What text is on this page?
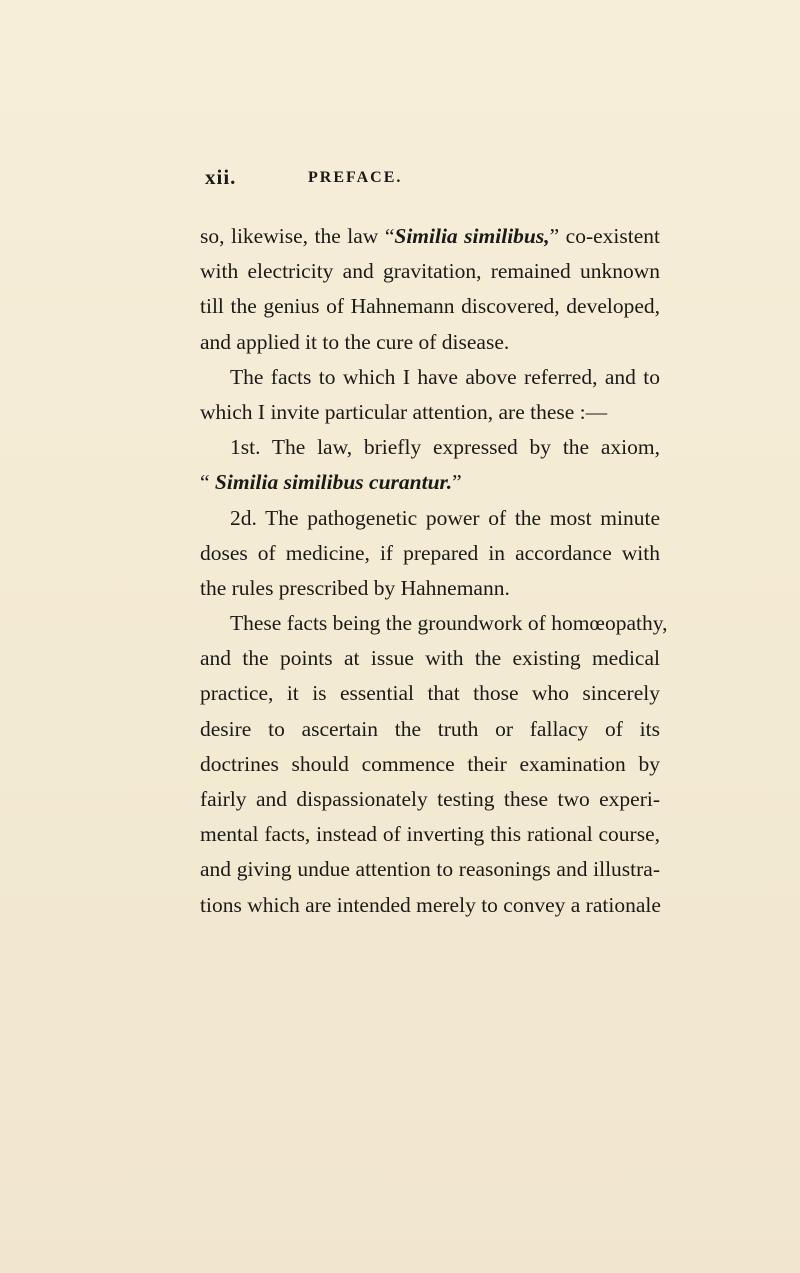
xii.	PREFACE.
so, likewise, the law “Similia similibus,” co-existent
with electricity and gravitation, remained unknown
till the genius of Hahnemann discovered, developed,
and applied it to the cure of disease.
The facts to which I have above referred, and to
which I invite particular attention, are these :—
1st. The law, briefly expressed by the axiom,
“ Similia similibus curantur.”
2d. The pathogenetic power of the most minute
doses of medicine, if prepared in accordance with
the rules prescribed by Hahnemann.
These facts being the groundwork of homœopathy,
and the points at issue with the existing medical
practice, it is essential that those who sincerely
desire to ascertain the truth or fallacy of its
doctrines should commence their examination by
fairly and dispassionately testing these two experi-
mental facts, instead of inverting this rational course,
and giving undue attention to reasonings and illustra-
tions which are intended merely to convey a rationale
